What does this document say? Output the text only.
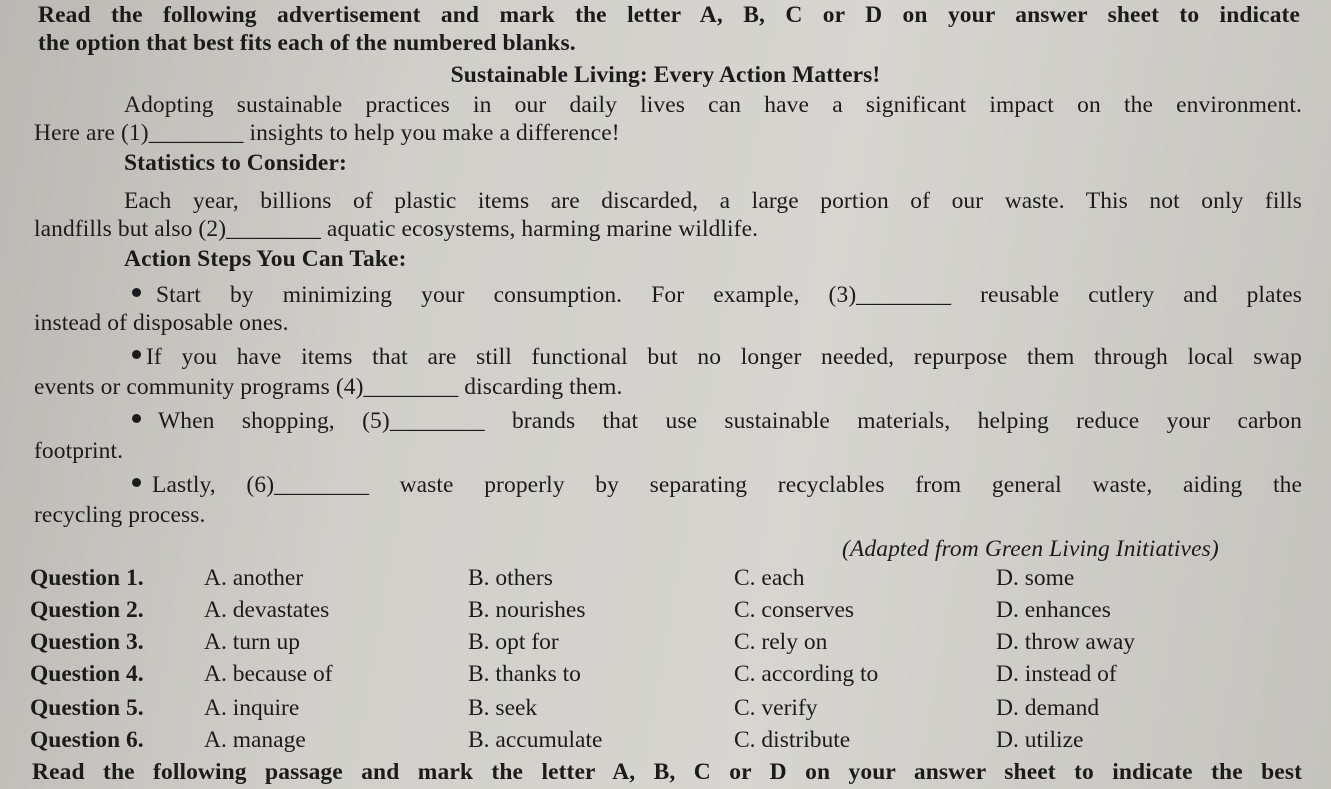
Read the following advertisement and mark the letter A, B, C or D on your answer sheet to indicate
the option that best fits each of the numbered blanks.
Sustainable Living: Every Action Matters!
Adopting sustainable practices in our daily lives can have a significant impact on the environment.
Here are (1)________ insights to help you make a difference!
Statistics to Consider:
Each year, billions of plastic items are discarded, a large portion of our waste. This not only fills
landfills but also (2)________ aquatic ecosystems, harming marine wildlife.
Action Steps You Can Take:
Start by minimizing your consumption. For example, (3)________ reusable cutlery and plates
instead of disposable ones.
If you have items that are still functional but no longer needed, repurpose them through local swap
events or community programs (4)________ discarding them.
When shopping, (5)________ brands that use sustainable materials, helping reduce your carbon
footprint.
Lastly, (6)________ waste properly by separating recyclables from general waste, aiding the
recycling process.
(Adapted from Green Living Initiatives)
Question 1.	A. another	B. others	C. each	D. some
Question 2.	A. devastates	B. nourishes	C. conserves	D. enhances
Question 3.	A. turn up	B. opt for	C. rely on	D. throw away
Question 4.	A. because of	B. thanks to	C. according to	D. instead of
Question 5.	A. inquire	B. seek	C. verify	D. demand
Question 6.	A. manage	B. accumulate	C. distribute	D. utilize
Read the following passage and mark the letter A, B, C or D on your answer sheet to indicate the best
